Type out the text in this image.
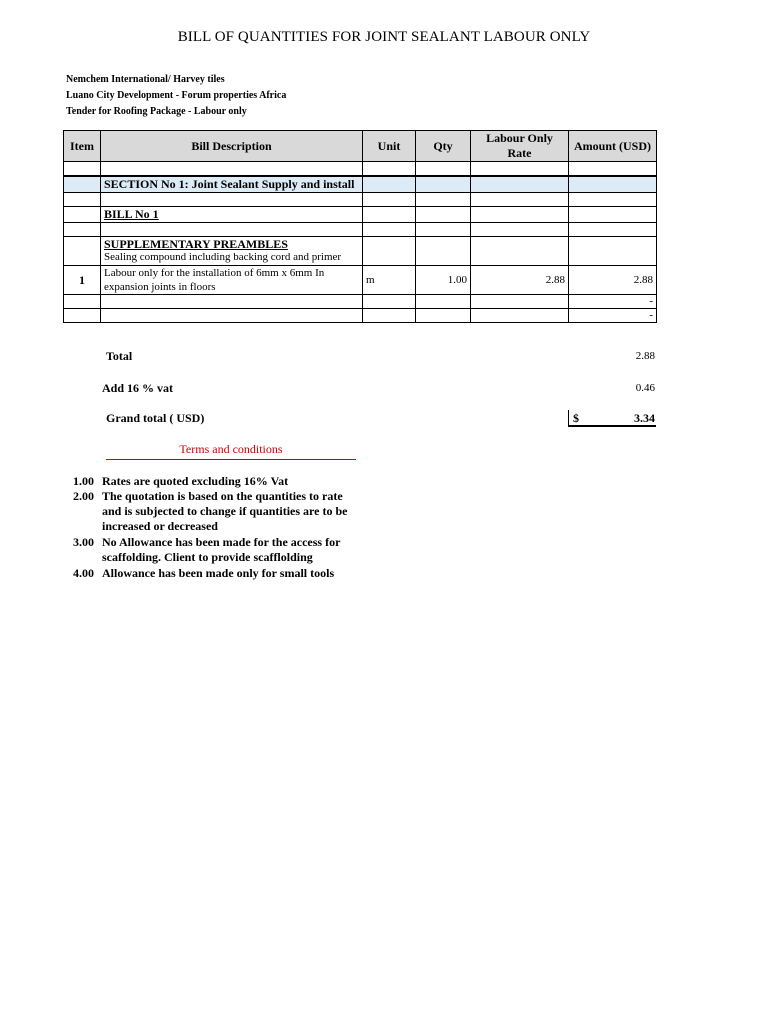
BILL OF QUANTITIES FOR JOINT SEALANT LABOUR ONLY
Nemchem International/ Harvey tiles
Luano City Development - Forum properties Africa
Tender for Roofing Package - Labour only
Item	Bill Description	Unit	Qty	Labour Only Rate	Amount (USD)

	SECTION No 1: Joint Sealant Supply and install				

	BILL No 1				

	SUPPLEMENTARY PREAMBLES
Sealing compound including backing cord and primer				

1	Labour only for the installation of 6mm x 6mm In expansion joints in floors	m	1.00	2.88	2.88
					-
					-
Total	2.88
Add 16 % vat	0.46
Grand total ( USD)	$	3.34
Terms and conditions
1.00 Rates are quoted excluding 16% Vat
2.00 The quotation is based on the quantities to rate and is subjected to change if quantities are to be increased or decreased
3.00 No Allowance has been made for the access for scaffolding. Client to provide scafflolding
4.00 Allowance has been made only for small tools
